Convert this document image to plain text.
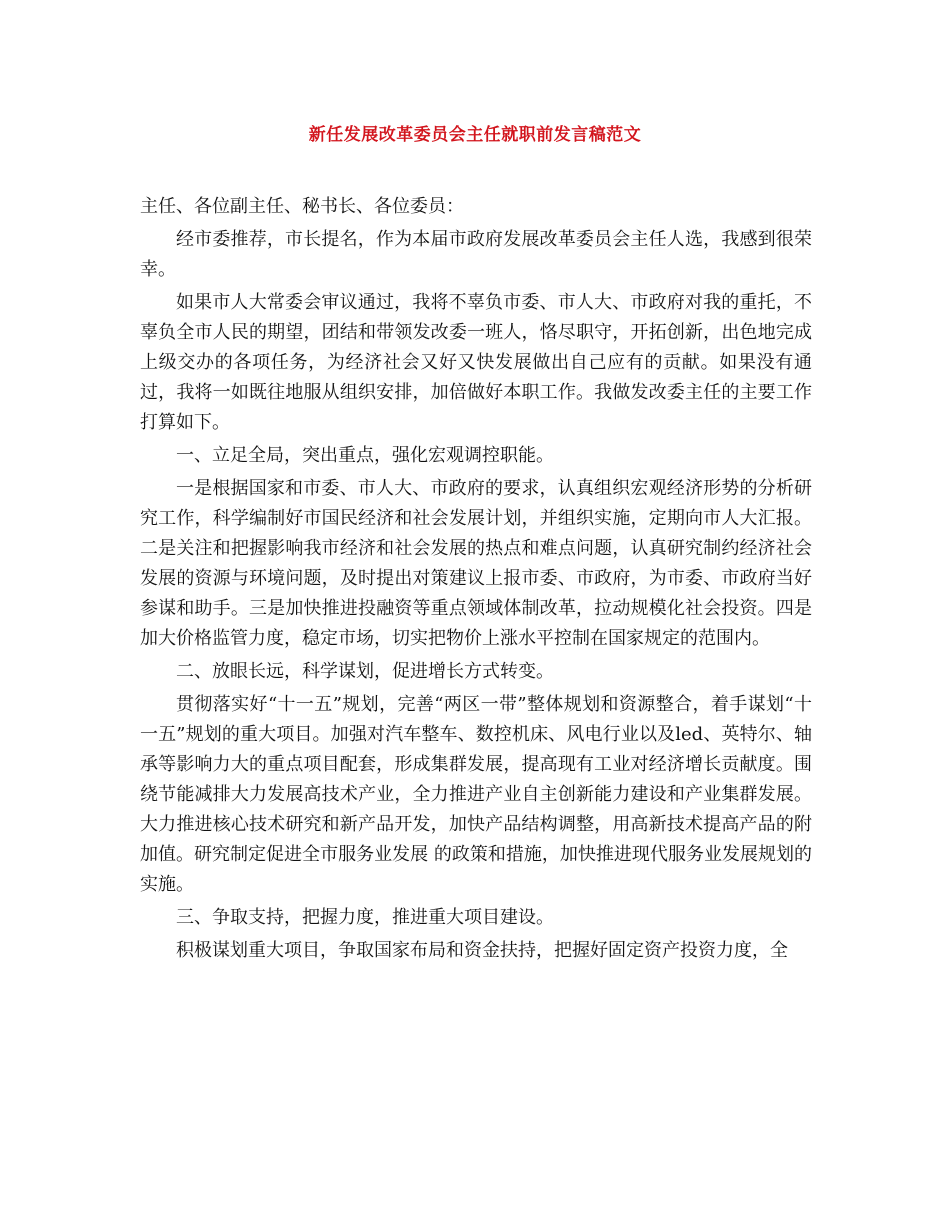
新任发展改革委员会主任就职前发言稿范文

主任、各位副主任、秘书长、各位委员：

经市委推荐，市长提名，作为本届市政府发展改革委员会主任人选，我感到很荣幸。

如果市人大常委会审议通过，我将不辜负市委、市人大、市政府对我的重托，不辜负全市人民的期望，团结和带领发改委一班人，恪尽职守，开拓创新，出色地完成上级交办的各项任务，为经济社会又好又快发展做出自己应有的贡献。如果没有通过，我将一如既往地服从组织安排，加倍做好本职工作。我做发改委主任的主要工作打算如下。

一、立足全局，突出重点，强化宏观调控职能。

一是根据国家和市委、市人大、市政府的要求，认真组织宏观经济形势的分析研究工作，科学编制好市国民经济和社会发展计划，并组织实施，定期向市人大汇报。二是关注和把握影响我市经济和社会发展的热点和难点问题，认真研究制约经济社会发展的资源与环境问题，及时提出对策建议上报市委、市政府，为市委、市政府当好参谋和助手。三是加快推进投融资等重点领域体制改革，拉动规模化社会投资。四是加大价格监管力度，稳定市场，切实把物价上涨水平控制在国家规定的范围内。

二、放眼长远，科学谋划，促进增长方式转变。

贯彻落实好“十一五”规划，完善“两区一带”整体规划和资源整合，着手谋划“十一五”规划的重大项目。加强对汽车整车、数控机床、风电行业以及led、英特尔、轴承等影响力大的重点项目配套，形成集群发展，提高现有工业对经济增长贡献度。围绕节能减排大力发展高技术产业，全力推进产业自主创新能力建设和产业集群发展。大力推进核心技术研究和新产品开发，加快产品结构调整，用高新技术提高产品的附加值。研究制定促进全市服务业发展 的政策和措施，加快推进现代服务业发展规划的实施。

三、争取支持，把握力度，推进重大项目建设。

积极谋划重大项目，争取国家布局和资金扶持，把握好固定资产投资力度，全
